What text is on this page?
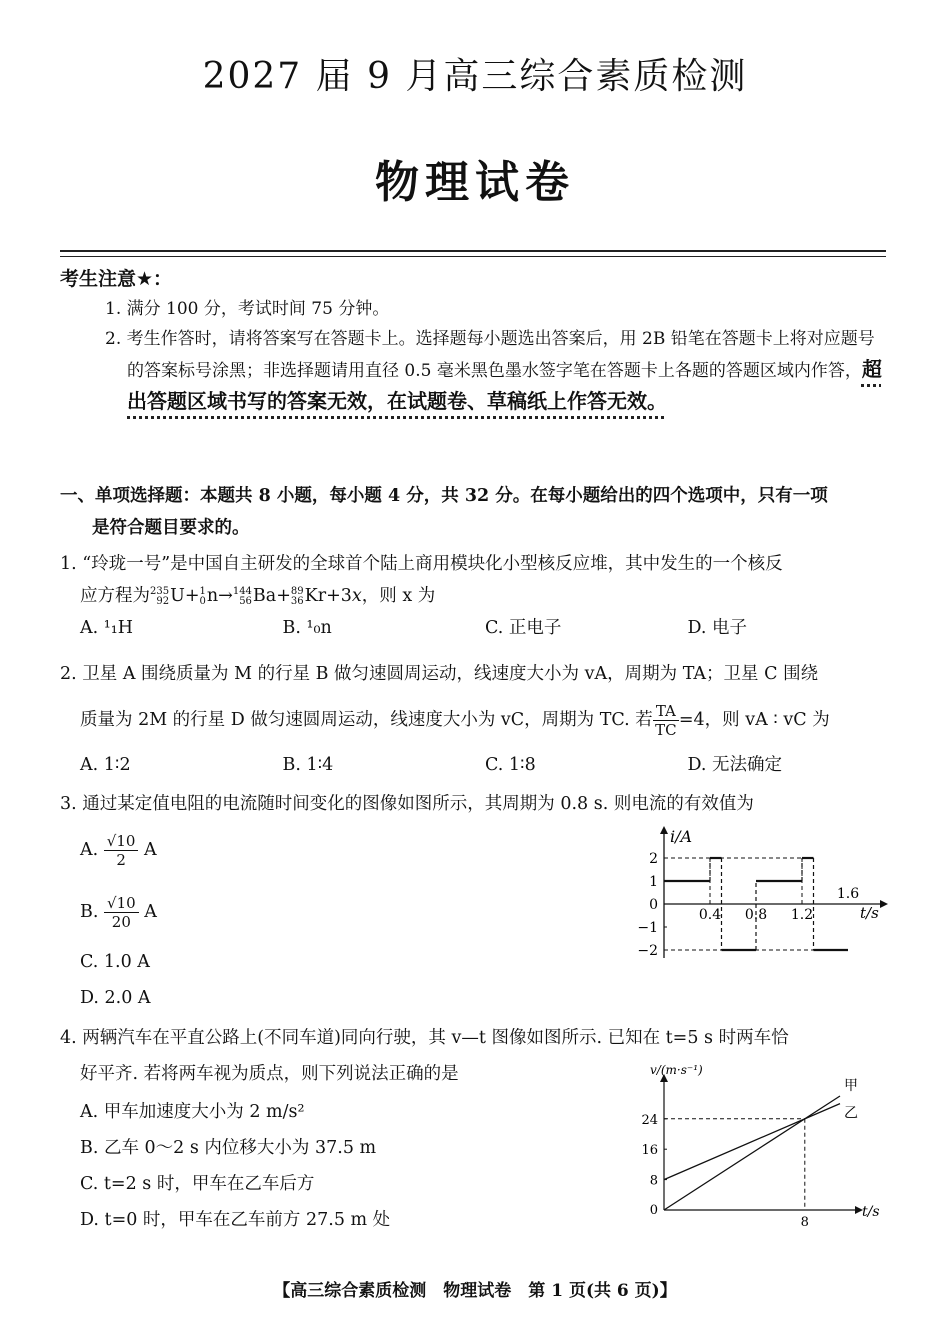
2027 届 9 月高三综合素质检测
物理试卷
考生注意★：

1. 满分 100 分，考试时间 75 分钟。

2. 考生作答时，请将答案写在答题卡上。选择题每小题选出答案后，用 2B 铅笔在答题卡上将对应题号的答案标号涂黑；非选择题请用直径 0.5 毫米黑色墨水签字笔在答题卡上各题的答题区域内作答，超出答题区域书写的答案无效，在试题卷、草稿纸上作答无效。

一、单项选择题：本题共 8 小题，每小题 4 分，共 32 分。在每小题给出的四个选项中，只有一项
是符合题目要求的。
1. “玲珑一号”是中国自主研发的全球首个陆上商用模块化小型核反应堆，其中发生的一个核反
应方程为235
92U+1
0n→144
56Ba+89
36Kr+3x，则 x 为
A. ¹₁H	B. ¹₀n	C. 正电子	D. 电子
2. 卫星 A 围绕质量为 M 的行星 B 做匀速圆周运动，线速度大小为 vA，周期为 TA；卫星 C 围绕
质量为 2M 的行星 D 做匀速圆周运动，线速度大小为 vC，周期为 TC. 若 $\frac{TA}{TC} =4$，则 vA ∶ vC 为
A. 1∶2	B. 1∶4	C. 1∶8	D. 无法确定
3. 通过某定值电阻的电流随时间变化的图像如图所示，其周期为 0.8 s. 则电流的有效值为
A. $\frac{√10}{2}$ A
B. $\frac{√10}{20}$ A
C. 1.0 A
D. 2.0 A
i/A
t/s
2
1
0
−1
−2
0.4 0.8 1.2
1.6
4. 两辆汽车在平直公路上(不同车道)同向行驶，其 v—t 图像如图所示. 已知在 t=5 s 时两车恰
好平齐. 若将两车视为质点，则下列说法正确的是
A. 甲车加速度大小为 2 m/s²
B. 乙车 0～2 s 内位移大小为 37.5 m
C. t=2 s 时，甲车在乙车后方
D. t=0 时，甲车在乙车前方 27.5 m 处
v/(m·s⁻¹)
t/s
8
16
24
0
8
甲
乙
【高三综合素质检测　物理试卷　第 1 页(共 6 页)】
